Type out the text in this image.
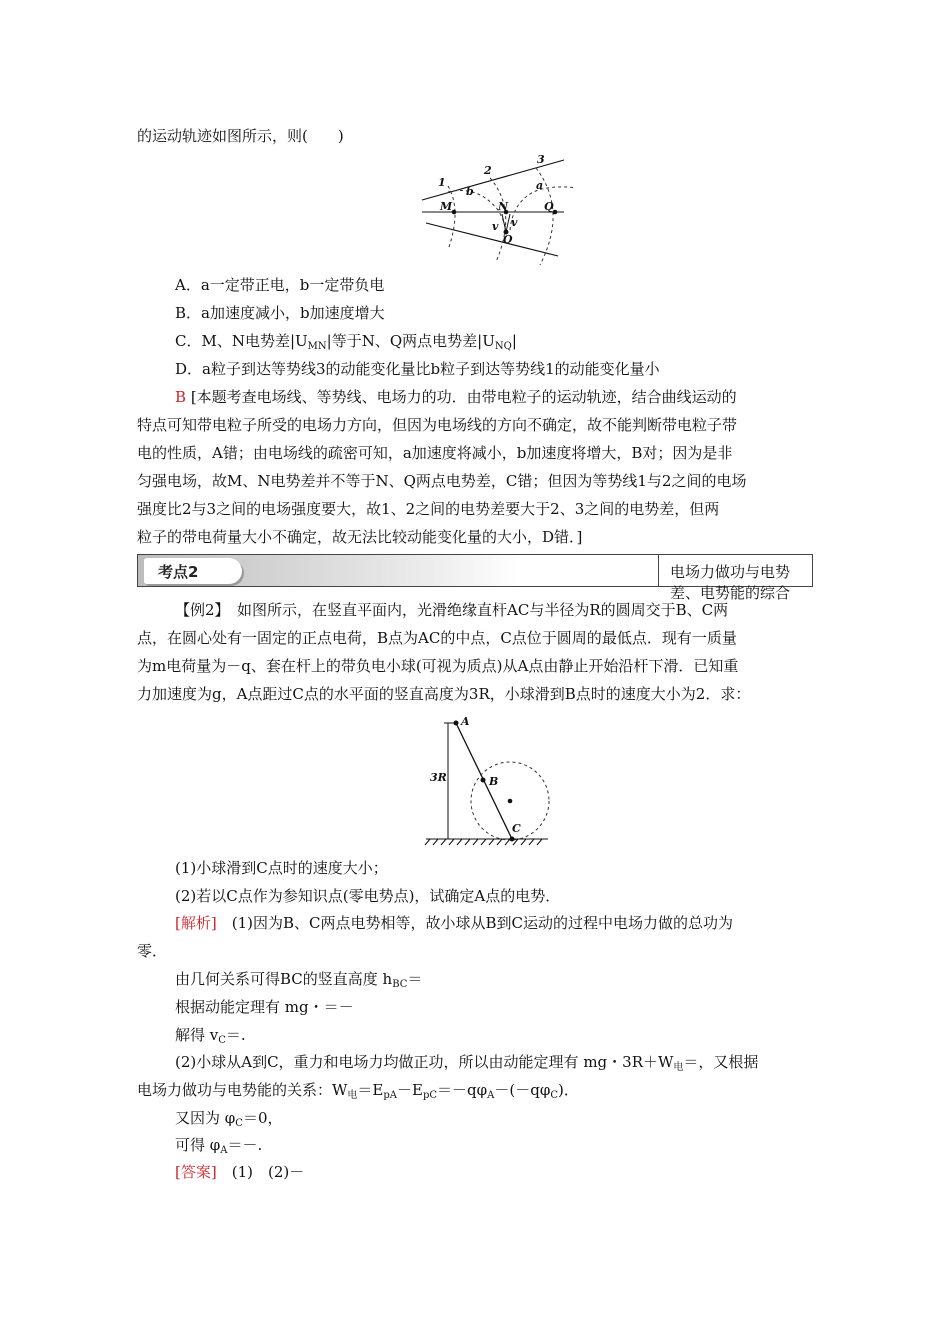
的运动轨迹如图所示，则(　　)
1
2
3
b	a
M	N	Q
v
v
O
A．a一定带正电，b一定带负电
B．a加速度减小，b加速度增大
C．M、N电势差$|U_{MN}|$等于N、Q两点电势差$|U_{NQ}|$
D．a粒子到达等势线3的动能变化量比b粒子到达等势线1的动能变化量小
B [本题考查电场线、等势线、电场力的功．由带电粒子的运动轨迹，结合曲线运动的
特点可知带电粒子所受的电场力方向，但因为电场线的方向不确定，故不能判断带电粒子带
电的性质，A错；由电场线的疏密可知，a加速度将减小，b加速度将增大，B对；因为是非
匀强电场，故M、N电势差并不等于N、Q两点电势差，C错；但因为等势线1与2之间的电场
强度比2与3之间的电场强度要大，故1、2之间的电势差要大于2、3之间的电势差，但两
粒子的带电荷量大小不确定，故无法比较动能变化量的大小，D错．]
考点2	电场力做功与电势差、电势能的综合
【例2】　如图所示，在竖直平面内，光滑绝缘直杆AC与半径为R的圆周交于B、C两
点，在圆心处有一固定的正点电荷，B点为AC的中点，C点位于圆周的最低点．现有一质量
为m电荷量为－q、套在杆上的带负电小球(可视为质点)从A点由静止开始沿杆下滑．已知重
力加速度为g，A点距过C点的水平面的竖直高度为3R，小球滑到B点时的速度大小为2．求：
A
B
C
3R
(1)小球滑到C点时的速度大小；
(2)若以C点作为参知识点(零电势点)，试确定A点的电势．
[解析]　(1)因为B、C两点电势相等，故小球从B到C运动的过程中电场力做的总功为
零．
由几何关系可得BC的竖直高度 $h_{BC}=$
根据动能定理有 mg・＝－
解得 $v_C=$.
(2)小球从A到C，重力和电场力均做正功，所以由动能定理有 mg・$3R+W_电=$，又根据
电场力做功与电势能的关系：$W_电=E_{pA}-E_{pC}=-q\varphi_A-(-q\varphi_C)$．
又因为 $\varphi_C=0$，
可得 $\varphi_A=-$.
[答案]　(1)　(2)－
